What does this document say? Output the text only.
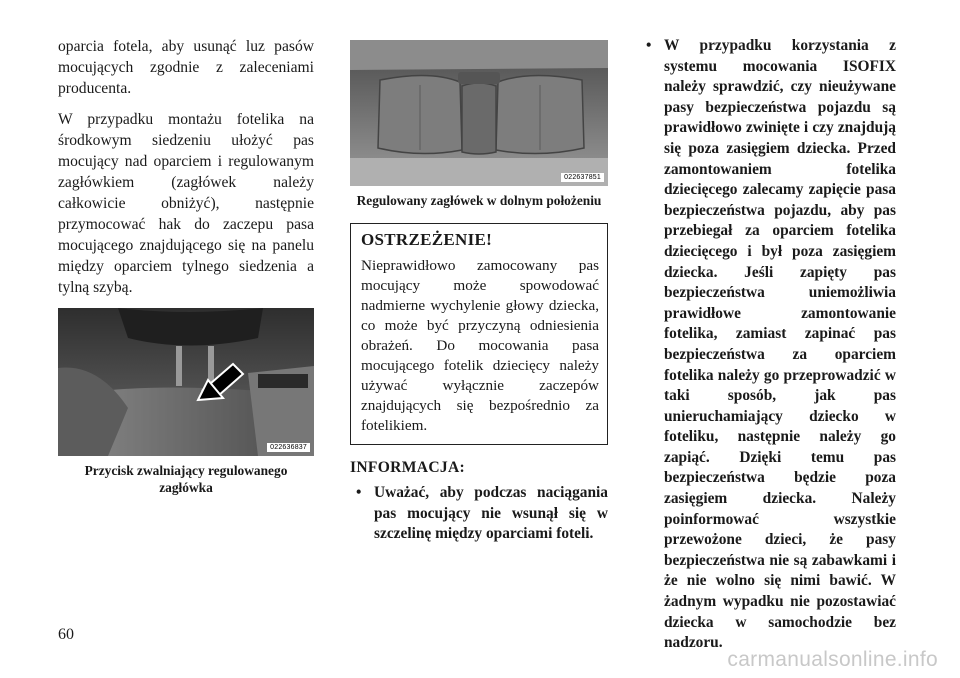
oparcia fotela, aby usunąć luz pasów mocujących zgodnie z zaleceniami producenta.

W przypadku montażu fotelika na środkowym siedzeniu ułożyć pas mocujący nad oparciem i regulowanym zagłówkiem (zagłówek należy całkowicie obniżyć), następnie przymocować hak do zaczepu pasa mocującego znajdującego się na panelu między oparciem tylnego siedzenia a tylną szybą.

022636837

Przycisk zwalniający regulowanego zagłówka

022637851

Regulowany zagłówek w dolnym położeniu

OSTRZEŻENIE!

Nieprawidłowo zamocowany pas mocujący może spowodować nadmierne wychylenie głowy dziecka, co może być przyczyną odniesienia obrażeń. Do mocowania pasa mocującego fotelik dziecięcy należy używać wyłącznie zaczepów znajdujących się bezpośrednio za fotelikiem.

INFORMACJA:
• Uważać, aby podczas naciągania pas mocujący nie wsunął się w szczelinę między oparciami foteli.
• W przypadku korzystania z systemu mocowania ISOFIX należy sprawdzić, czy nieużywane pasy bezpieczeństwa pojazdu są prawidłowo zwinięte i czy znajdują się poza zasięgiem dziecka. Przed zamontowaniem fotelika dziecięcego zalecamy zapięcie pasa bezpieczeństwa pojazdu, aby pas przebiegał za oparciem fotelika dziecięcego i był poza zasięgiem dziecka. Jeśli zapięty pas bezpieczeństwa uniemożliwia prawidłowe zamontowanie fotelika, zamiast zapinać pas bezpieczeństwa za oparciem fotelika należy go przeprowadzić w taki sposób, jak pas unieruchamiający dziecko w foteliku, następnie należy go zapiąć. Dzięki temu pas bezpieczeństwa będzie poza zasięgiem dziecka. Należy poinformować wszystkie przewożone dzieci, że pasy bezpieczeństwa nie są zabawkami i że nie wolno się nimi bawić. W żadnym wypadku nie pozostawiać dziecka w samochodzie bez nadzoru.
60
carmanualsonline.info
